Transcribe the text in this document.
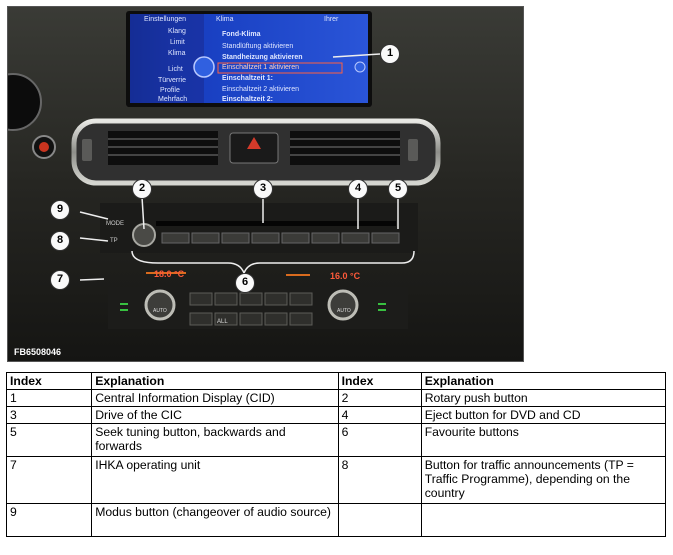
Einstellungen
Klang
Limit
Klima
Licht
Türverrie
Profile
Mehrfach
Klima	Ihrer
Fond-Klima
Standlüftung aktivieren
Standheizung aktivieren
Einschaltzeit 1 aktivieren
Einschaltzeit 1:
Einschaltzeit 2 aktivieren
Einschaltzeit 2:
MODE
TP
18.0 °C	16.0 °C
AUTO	AUTO
ALL
1
2	3	4	5
6
7
8
9
FB6508046
Index	Explanation	Index	Explanation
1	Central Information Display (CID)	2	Rotary push button
3	Drive of the CIC	4	Eject button for DVD and CD
5	Seek tuning button, backwards and forwards	6	Favourite buttons
7	IHKA operating unit	8	Button for traffic announcements (TP = Traffic Programme), depending on the country
9	Modus button (changeover of audio source)		
